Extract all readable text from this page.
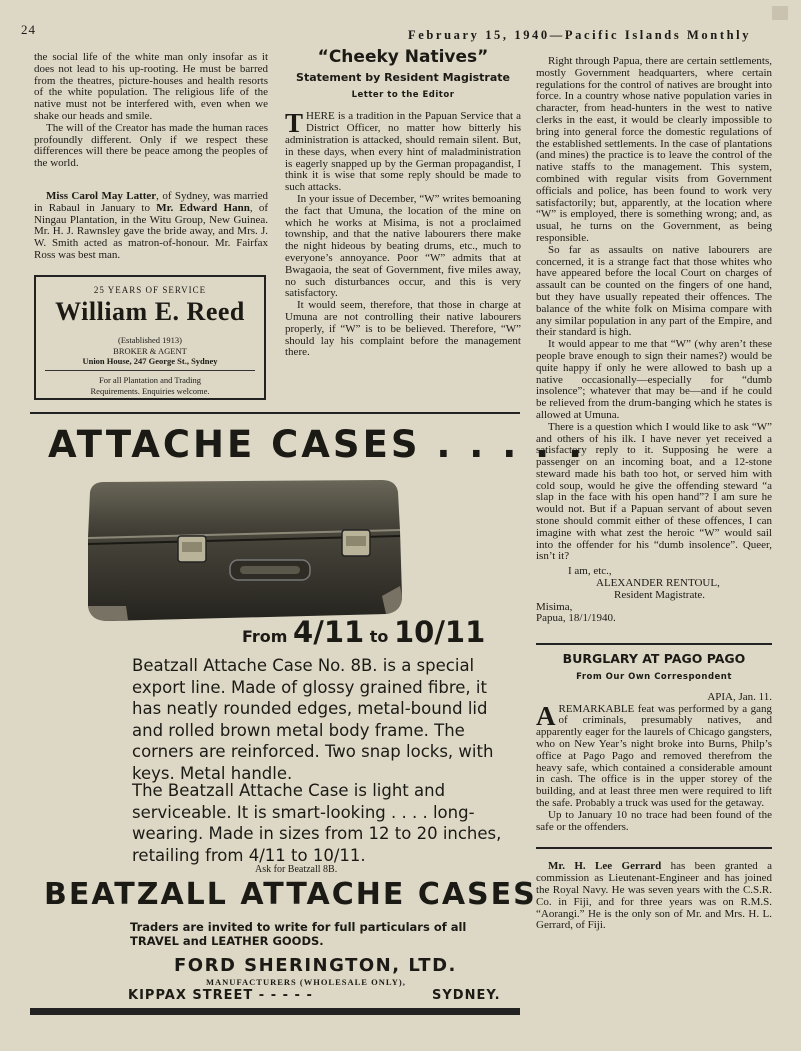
24	February 15, 1940—Pacific Islands Monthly

the social life of the white man only insofar as it does not lead to his up-rooting. He must be barred from the theatres, picture-houses and health resorts of the white population. The religious life of the native must not be interfered with, even when we shake our heads and smile.

The will of the Creator has made the human races profoundly different. Only if we respect these differences will there be peace among the peoples of the world.

Miss Carol May Latter, of Sydney, was married in Rabaul in January to Mr. Edward Hann, of Ningau Plantation, in the Witu Group, New Guinea. Mr. H. J. Rawnsley gave the bride away, and Mrs. J. W. Smith acted as matron-of-honour. Mr. Fairfax Ross was best man.

25 YEARS OF SERVICE
William E. Reed
(Established 1913)
BROKER & AGENT
Union House, 247 George St., Sydney
For all Plantation and Trading
Requirements. Enquiries welcome.
“Cheeky Natives”
Statement by Resident Magistrate
Letter to the Editor

THERE is a tradition in the Papuan Service that a District Officer, no matter how bitterly his administration is attacked, should remain silent. But, in these days, when every hint of maladministration is eagerly snapped up by the German propagandist, I think it is wise that some reply should be made to such attacks.

In your issue of December, “W” writes bemoaning the fact that Umuna, the location of the mine on which he works at Misima, is not a proclaimed township, and that the native labourers there make the night hideous by beating drums, etc., much to everyone’s annoyance. Poor “W” admits that at Bwagaoia, the seat of Government, five miles away, no such disturbances occur, and this is very satisfactory.

It would seem, therefore, that those in charge at Umuna are not controlling their native labourers properly, if “W” is to be believed. Therefore, “W” should lay his complaint before the management there.

Right through Papua, there are certain settlements, mostly Government headquarters, where certain regulations for the control of natives are brought into force. In a country whose native population varies in character, from head-hunters in the west to native clerks in the east, it would be clearly impossible to bring into general force the domestic regulations of the established settlements. In the case of plantations (and mines) the practice is to leave the control of the native staffs to the management. This system, combined with regular visits from Government officials and police, has been found to work very satisfactorily; but, apparently, at the location where “W” is employed, there is something wrong; and, as usual, he turns on the Government, as being responsible.

So far as assaults on native labourers are concerned, it is a strange fact that those whites who have appeared before the local Court on charges of assault can be counted on the fingers of one hand, but they have usually repeated their offences. The balance of the white folk on Misima compare with any similar population in any part of the Empire, and their standard is high.

It would appear to me that “W” (why aren’t these people brave enough to sign their names?) would be quite happy if only he were allowed to bash up a native occasionally—especially for “dumb insolence”; whatever that may be—and if he could be relieved from the drum-banging which he states is allowed at Umuna.

There is a question which I would like to ask “W” and others of his ilk. I have never yet received a satisfactory reply to it. Supposing he were a passenger on an incoming boat, and a 12-stone steward made his bath too hot, or served him with cold soup, would he give the offending steward “a slap in the face with his open hand”? I am sure he would not. But if a Papuan servant of about seven stone should commit either of these offences, I can imagine with what zest the heroic “W” would sail into the offender for his “dumb insolence”. Queer, isn’t it?

I am, etc.,

ALEXANDER RENTOUL,

Resident Magistrate.

Misima,

Papua, 18/1/1940.

BURGLARY AT PAGO PAGO
From Our Own Correspondent

APIA, Jan. 11.

AREMARKABLE feat was performed by a gang of criminals, presumably natives, and apparently eager for the laurels of Chicago gangsters, who on New Year’s night broke into Burns, Philp’s office at Pago Pago and removed therefrom the heavy safe, which contained a considerable amount in cash. The office is in the upper storey of the building, and at least three men were required to lift the safe. Probably a truck was used for the getaway.

Up to January 10 no trace had been found of the safe or the offenders.

Mr. H. Lee Gerrard has been granted a commission as Lieutenant-Engineer and has joined the Royal Navy. He was seven years with the C.S.R. Co. in Fiji, and for three years was on R.M.S. “Aorangi.” He is the only son of Mr. and Mrs. H. L. Gerrard, of Fiji.

ATTACHE CASES . . . . .
From 4/11 to 10/11

Beatzall Attache Case No. 8B. is a special export line. Made of glossy grained fibre, it has neatly rounded edges, metal-bound lid and rolled brown metal body frame. The corners are reinforced. Two snap locks, with keys. Metal handle.

The Beatzall Attache Case is light and serviceable. It is smart-looking . . . . long-wearing. Made in sizes from 12 to 20 inches, retailing from 4/11 to 10/11.

Ask for Beatzall 8B.
BEATZALL ATTACHE CASES

Traders are invited to write for full particulars of all TRAVEL and LEATHER GOODS.

FORD SHERINGTON, LTD.
MANUFACTURERS (WHOLESALE ONLY),
KIPPAX STREET - - - - -	SYDNEY.
